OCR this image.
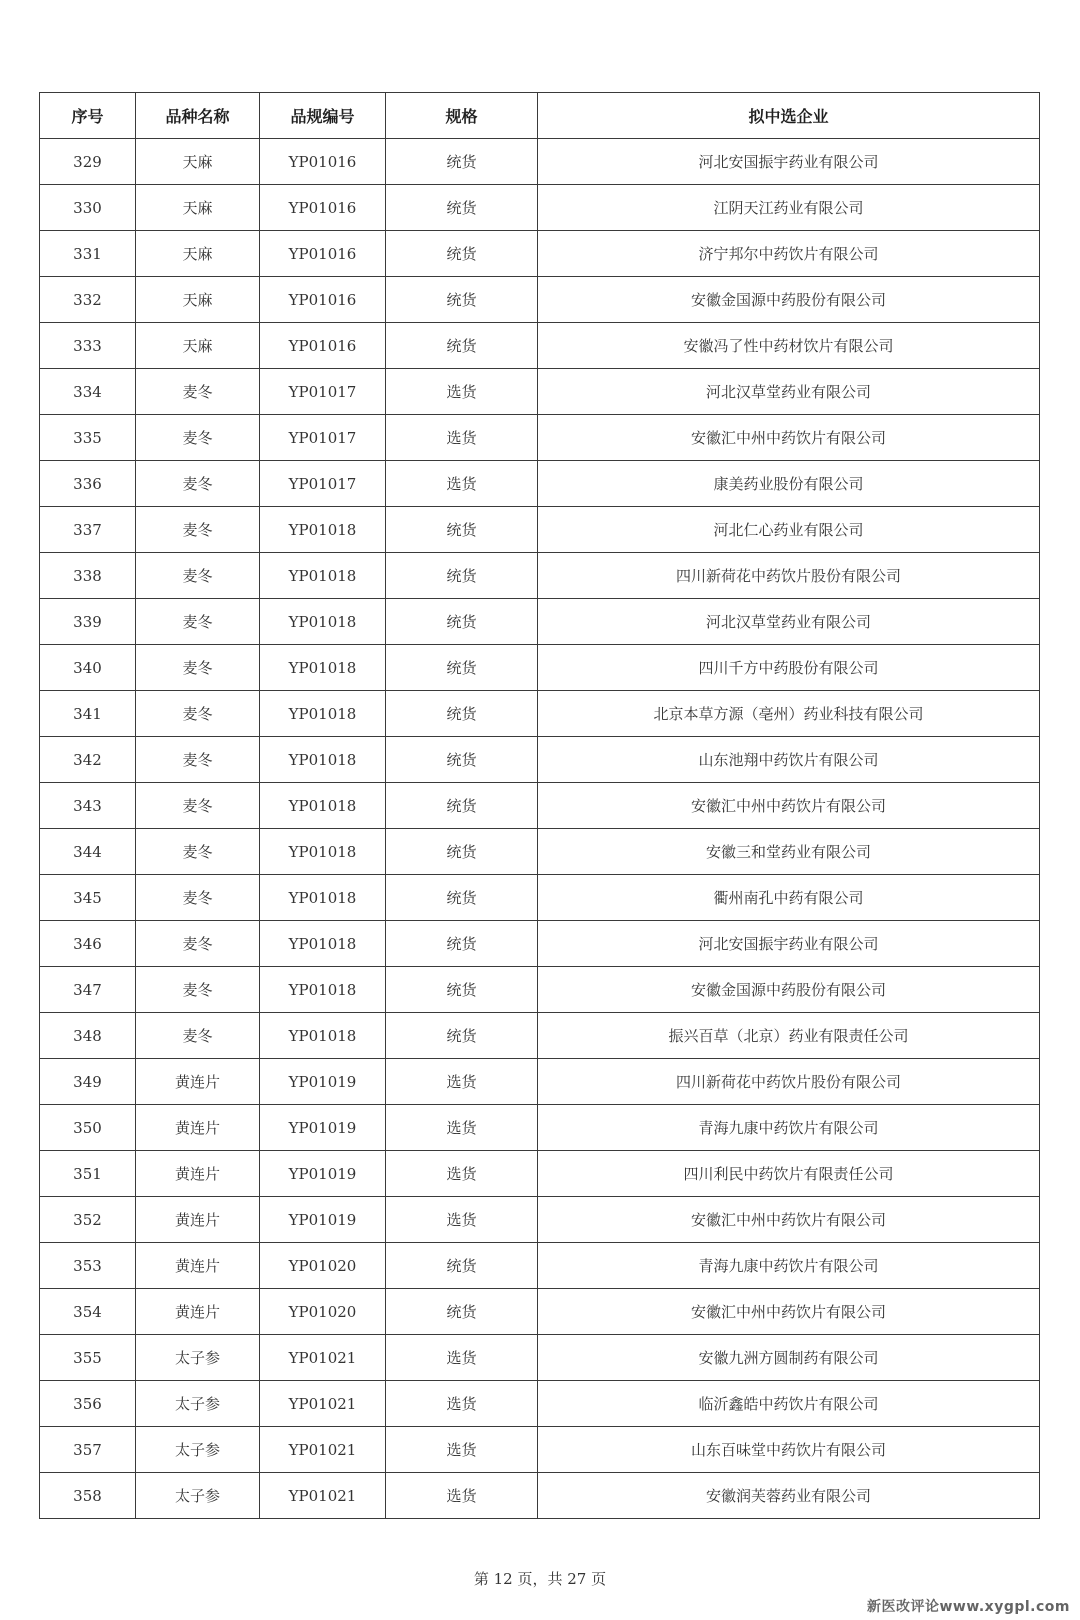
序号	品种名称	品规编号	规格	拟中选企业
329	天麻	YP01016	统货	河北安国振宇药业有限公司
330	天麻	YP01016	统货	江阴天江药业有限公司
331	天麻	YP01016	统货	济宁邦尔中药饮片有限公司
332	天麻	YP01016	统货	安徽金国源中药股份有限公司
333	天麻	YP01016	统货	安徽冯了性中药材饮片有限公司
334	麦冬	YP01017	选货	河北汉草堂药业有限公司
335	麦冬	YP01017	选货	安徽汇中州中药饮片有限公司
336	麦冬	YP01017	选货	康美药业股份有限公司
337	麦冬	YP01018	统货	河北仁心药业有限公司
338	麦冬	YP01018	统货	四川新荷花中药饮片股份有限公司
339	麦冬	YP01018	统货	河北汉草堂药业有限公司
340	麦冬	YP01018	统货	四川千方中药股份有限公司
341	麦冬	YP01018	统货	北京本草方源（亳州）药业科技有限公司
342	麦冬	YP01018	统货	山东池翔中药饮片有限公司
343	麦冬	YP01018	统货	安徽汇中州中药饮片有限公司
344	麦冬	YP01018	统货	安徽三和堂药业有限公司
345	麦冬	YP01018	统货	衢州南孔中药有限公司
346	麦冬	YP01018	统货	河北安国振宇药业有限公司
347	麦冬	YP01018	统货	安徽金国源中药股份有限公司
348	麦冬	YP01018	统货	振兴百草（北京）药业有限责任公司
349	黄连片	YP01019	选货	四川新荷花中药饮片股份有限公司
350	黄连片	YP01019	选货	青海九康中药饮片有限公司
351	黄连片	YP01019	选货	四川利民中药饮片有限责任公司
352	黄连片	YP01019	选货	安徽汇中州中药饮片有限公司
353	黄连片	YP01020	统货	青海九康中药饮片有限公司
354	黄连片	YP01020	统货	安徽汇中州中药饮片有限公司
355	太子参	YP01021	选货	安徽九洲方圆制药有限公司
356	太子参	YP01021	选货	临沂鑫皓中药饮片有限公司
357	太子参	YP01021	选货	山东百味堂中药饮片有限公司
358	太子参	YP01021	选货	安徽润芙蓉药业有限公司
第 12 页，共 27 页
新医改评论www.xygpl.com
